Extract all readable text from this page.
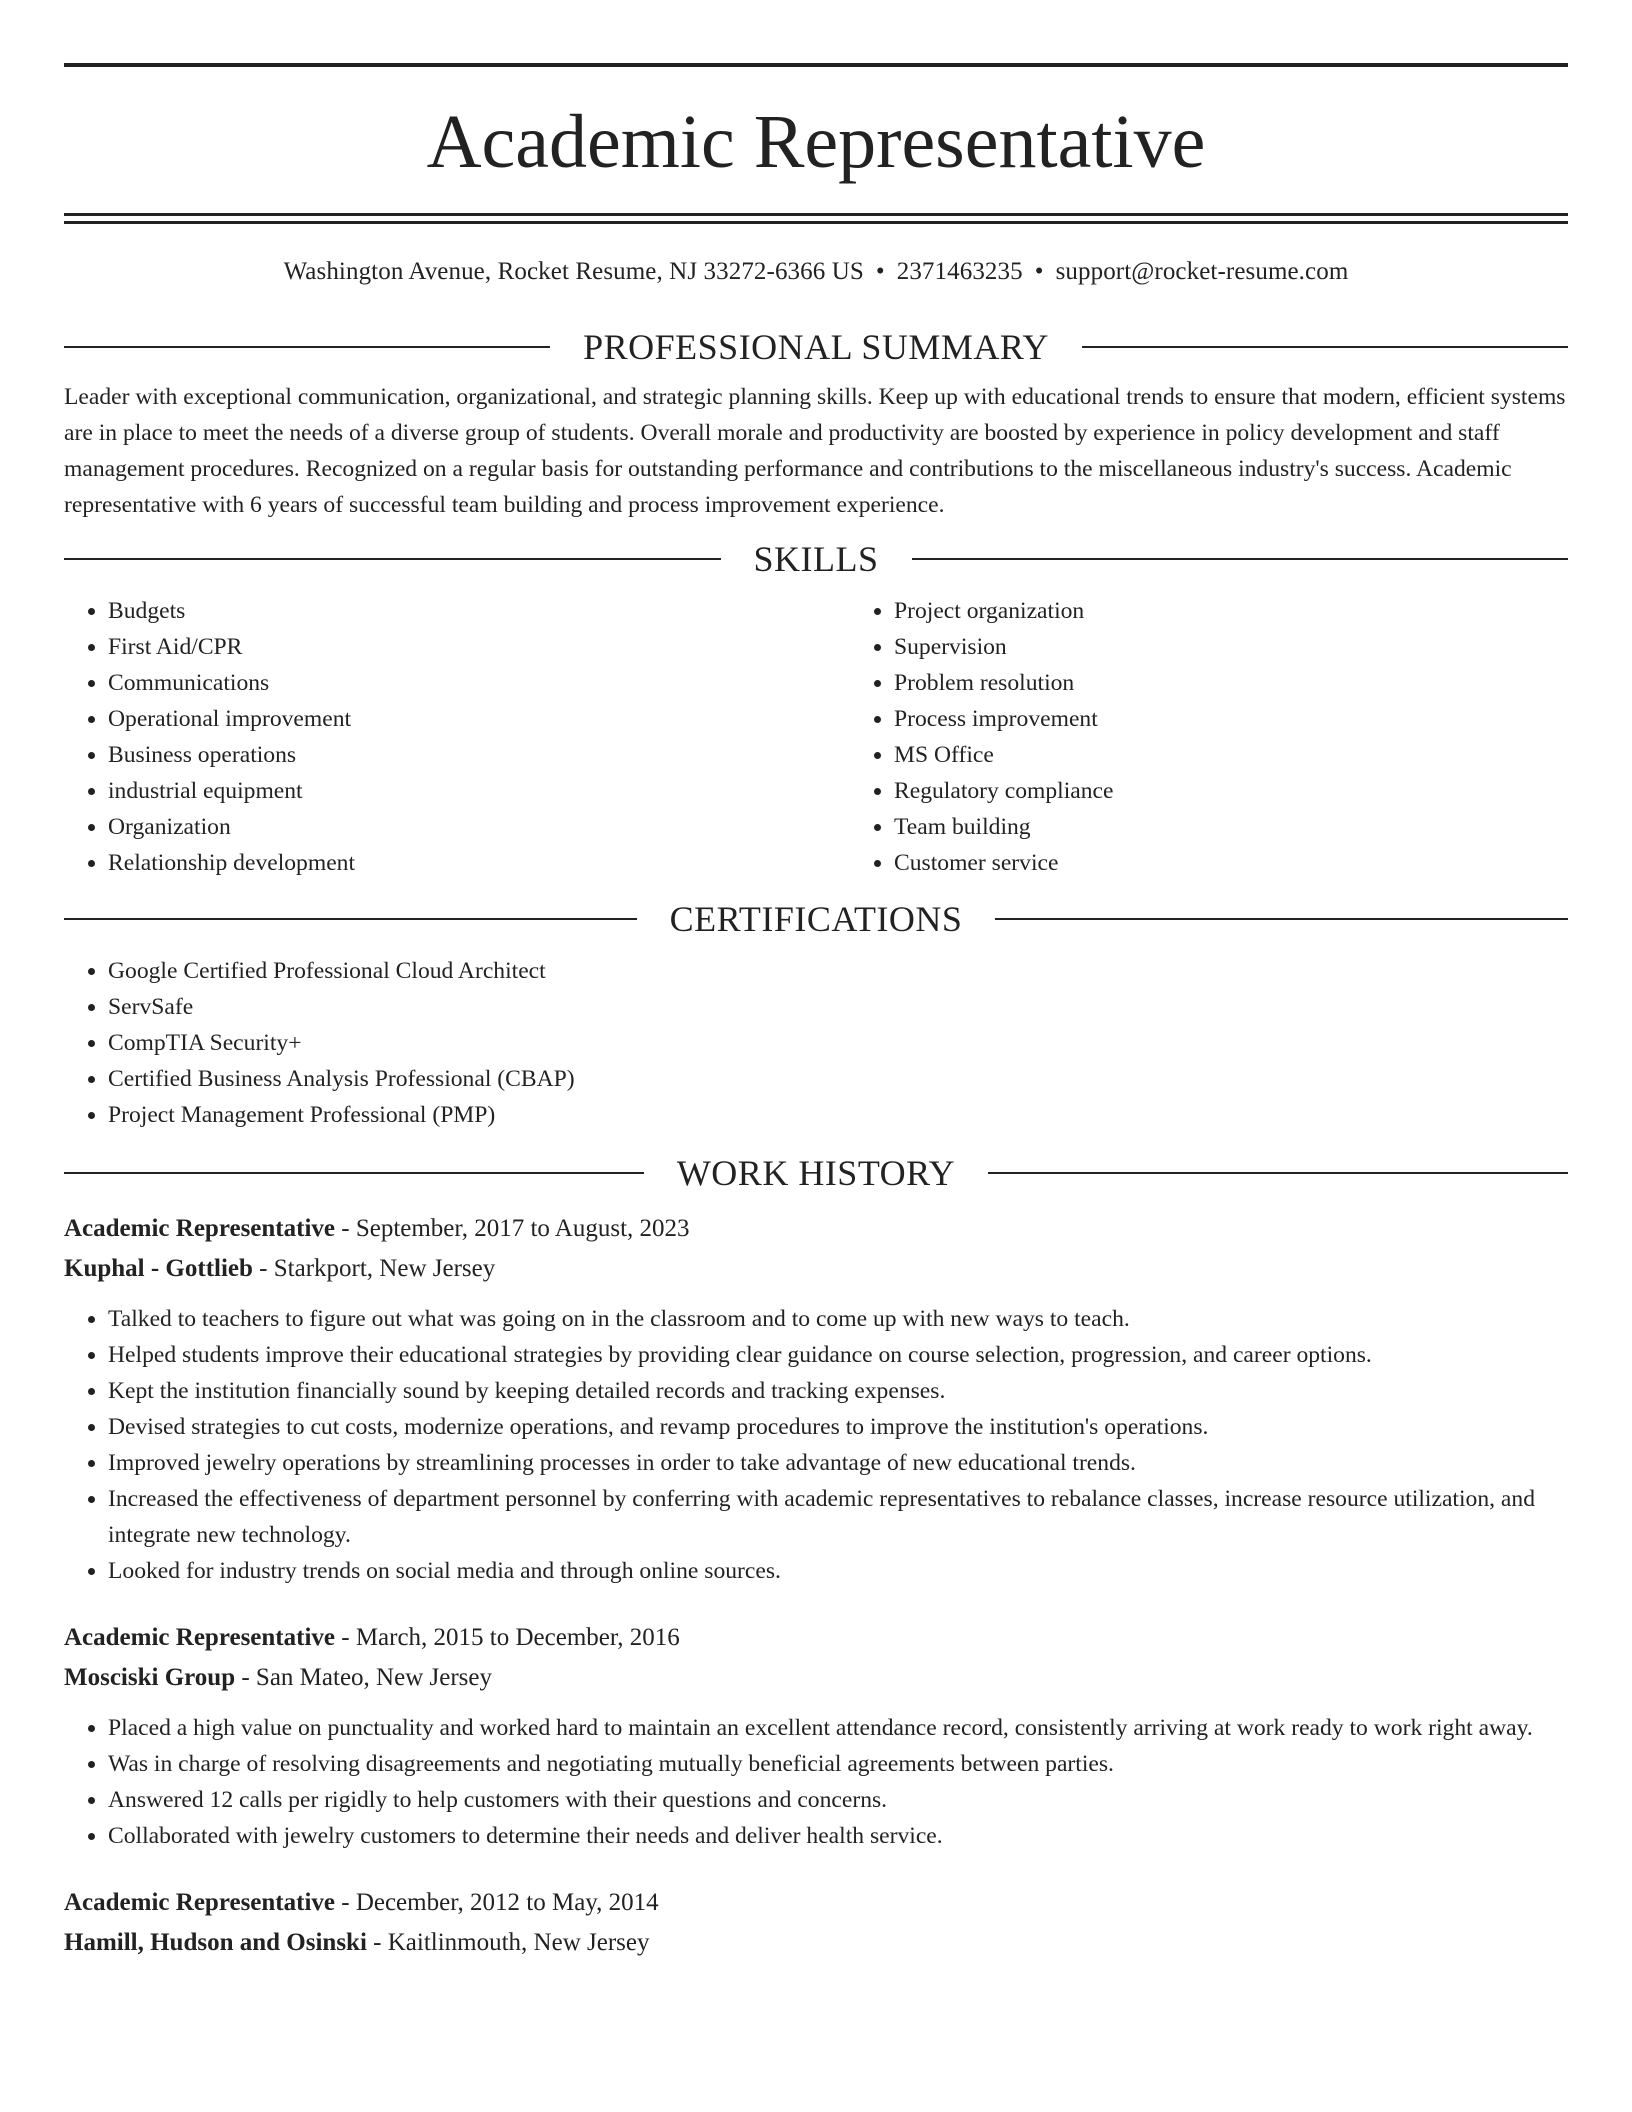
Academic Representative
Washington Avenue, Rocket Resume, NJ 33272-6366 US • 2371463235 • support@rocket-resume.com
PROFESSIONAL SUMMARY

Leader with exceptional communication, organizational, and strategic planning skills. Keep up with educational trends to ensure that modern, efficient systems are in place to meet the needs of a diverse group of students. Overall morale and productivity are boosted by experience in policy development and staff management procedures. Recognized on a regular basis for outstanding performance and contributions to the miscellaneous industry's success. Academic representative with 6 years of successful team building and process improvement experience.

SKILLS
• Budgets
• First Aid/CPR
• Communications
• Operational improvement
• Business operations
• industrial equipment
• Organization
• Relationship development
• Project organization
• Supervision
• Problem resolution
• Process improvement
• MS Office
• Regulatory compliance
• Team building
• Customer service
CERTIFICATIONS
• Google Certified Professional Cloud Architect
• ServSafe
• CompTIA Security+
• Certified Business Analysis Professional (CBAP)
• Project Management Professional (PMP)
WORK HISTORY
Academic Representative - September, 2017 to August, 2023
Kuphal - Gottlieb - Starkport, New Jersey
• Talked to teachers to figure out what was going on in the classroom and to come up with new ways to teach.
• Helped students improve their educational strategies by providing clear guidance on course selection, progression, and career options.
• Kept the institution financially sound by keeping detailed records and tracking expenses.
• Devised strategies to cut costs, modernize operations, and revamp procedures to improve the institution's operations.
• Improved jewelry operations by streamlining processes in order to take advantage of new educational trends.
• Increased the effectiveness of department personnel by conferring with academic representatives to rebalance classes, increase resource utilization, and integrate new technology.
• Looked for industry trends on social media and through online sources.
Academic Representative - March, 2015 to December, 2016
Mosciski Group - San Mateo, New Jersey
• Placed a high value on punctuality and worked hard to maintain an excellent attendance record, consistently arriving at work ready to work right away.
• Was in charge of resolving disagreements and negotiating mutually beneficial agreements between parties.
• Answered 12 calls per rigidly to help customers with their questions and concerns.
• Collaborated with jewelry customers to determine their needs and deliver health service.
Academic Representative - December, 2012 to May, 2014
Hamill, Hudson and Osinski - Kaitlinmouth, New Jersey
